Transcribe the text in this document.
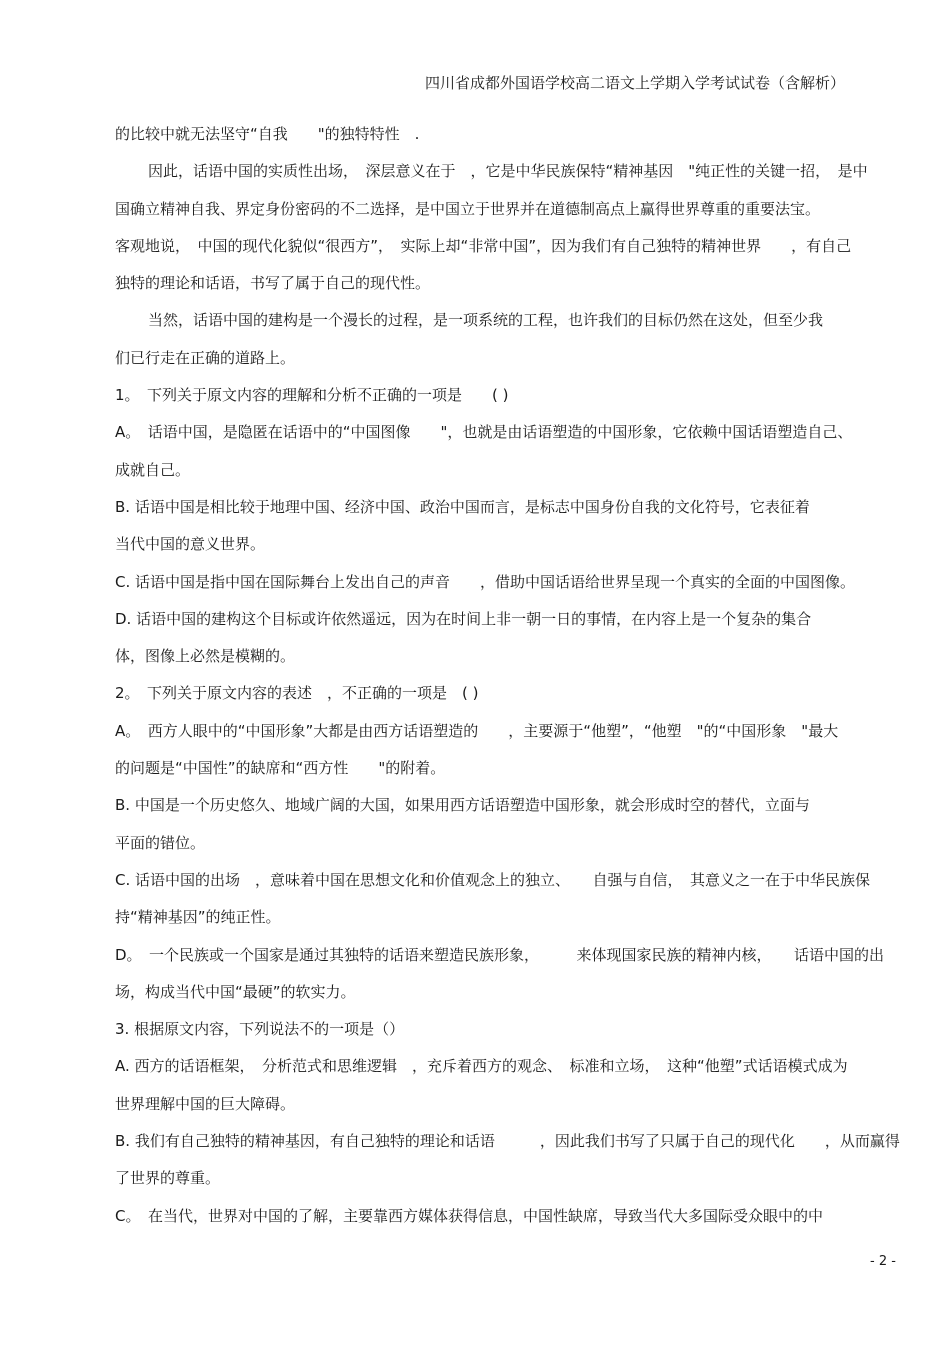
四川省成都外国语学校高二语文上学期入学考试试卷（含解析）
的比较中就无法坚守“自我　　"的独特特性　.
因此，话语中国的实质性出场，　深层意义在于　，它是中华民族保特“精神基因　"纯正性的关键一招，　是中
国确立精神自我、界定身份密码的不二选择，是中国立于世界并在道德制高点上赢得世界尊重的重要法宝。
客观地说，　中国的现代化貌似“很西方”，　实际上却“非常中国”，因为我们有自己独特的精神世界　　，有自己
独特的理论和话语，书写了属于自己的现代性。
当然，话语中国的建构是一个漫长的过程，是一项系统的工程，也许我们的目标仍然在这处，但至少我
们已行走在正确的道路上。
1。　下列关于原文内容的理解和分析不正确的一项是　　( )
A。　话语中国，是隐匿在话语中的“中国图像　　"，也就是由话语塑造的中国形象，它依赖中国话语塑造自己、
成就自己。
B. 话语中国是相比较于地理中国、经济中国、政治中国而言，是标志中国身份自我的文化符号，它表征着
当代中国的意义世界。
C. 话语中国是指中国在国际舞台上发出自己的声音　　，借助中国话语给世界呈现一个真实的全面的中国图像。
D. 话语中国的建构这个目标或许依然遥远，因为在时间上非一朝一日的事情，在内容上是一个复杂的集合
体，图像上必然是模糊的。
2。　下列关于原文内容的表述　，不正确的一项是　( )
A。　西方人眼中的“中国形象”大都是由西方话语塑造的　　，主要源于“他塑”，“他塑　"的“中国形象　"最大
的问题是“中国性”的缺席和“西方性　　"的附着。
B. 中国是一个历史悠久、地域广阔的大国，如果用西方话语塑造中国形象，就会形成时空的替代，立面与
平面的错位。
C. 话语中国的出场　，意味着中国在思想文化和价值观念上的独立、　　自强与自信，　其意义之一在于中华民族保
持“精神基因”的纯正性。
D。　一个民族或一个国家是通过其独特的话语来塑造民族形象，　　　来体现国家民族的精神内核，　　话语中国的出
场，构成当代中国“最硬”的软实力。
3. 根据原文内容，下列说法不的一项是（）
A. 西方的话语框架，　分析范式和思维逻辑　，充斥着西方的观念、　标准和立场，　这种“他塑”式话语模式成为
世界理解中国的巨大障碍。
B. 我们有自己独特的精神基因，有自己独特的理论和话语　　　，因此我们书写了只属于自己的现代化　　，从而赢得
了世界的尊重。
C。　在当代，世界对中国的了解，主要靠西方媒体获得信息，中国性缺席，导致当代大多国际受众眼中的中
- 2 -
